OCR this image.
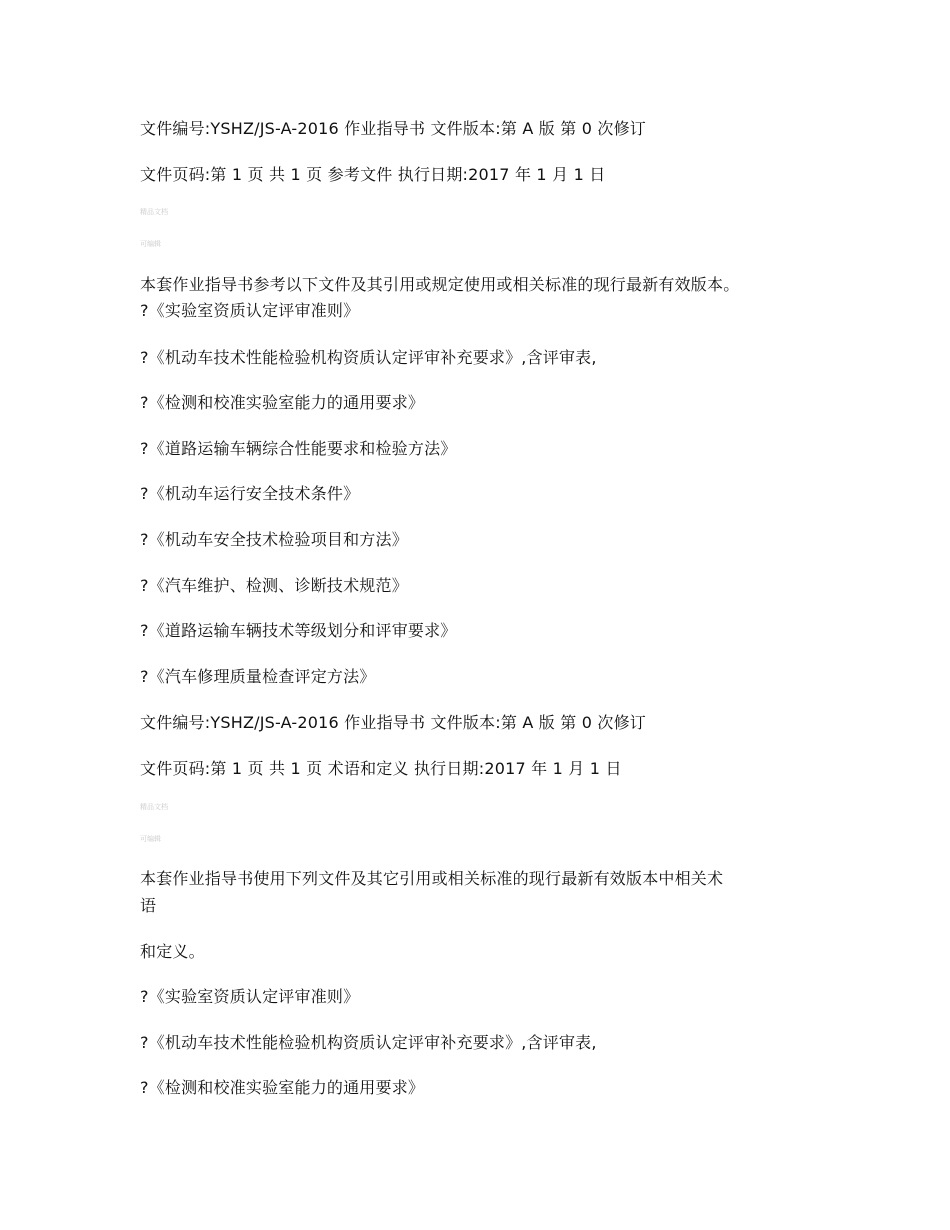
文件编号:YSHZ/JS-A-2016 作业指导书 文件版本:第 A 版 第 0 次修订
文件页码:第 1 页 共 1 页 参考文件 执行日期:2017 年 1 月 1 日
精品文档
可编辑
本套作业指导书参考以下文件及其引用或规定使用或相关标准的现行最新有效版本。
?《实验室资质认定评审准则》
?《机动车技术性能检验机构资质认定评审补充要求》,含评审表,
?《检测和校准实验室能力的通用要求》
?《道路运输车辆综合性能要求和检验方法》
?《机动车运行安全技术条件》
?《机动车安全技术检验项目和方法》
?《汽车维护、检测、诊断技术规范》
?《道路运输车辆技术等级划分和评审要求》
?《汽车修理质量检查评定方法》
文件编号:YSHZ/JS-A-2016 作业指导书 文件版本:第 A 版 第 0 次修订
文件页码:第 1 页 共 1 页 术语和定义 执行日期:2017 年 1 月 1 日
精品文档
可编辑
本套作业指导书使用下列文件及其它引用或相关标准的现行最新有效版本中相关术
语
和定义。
?《实验室资质认定评审准则》
?《机动车技术性能检验机构资质认定评审补充要求》,含评审表,
?《检测和校准实验室能力的通用要求》
